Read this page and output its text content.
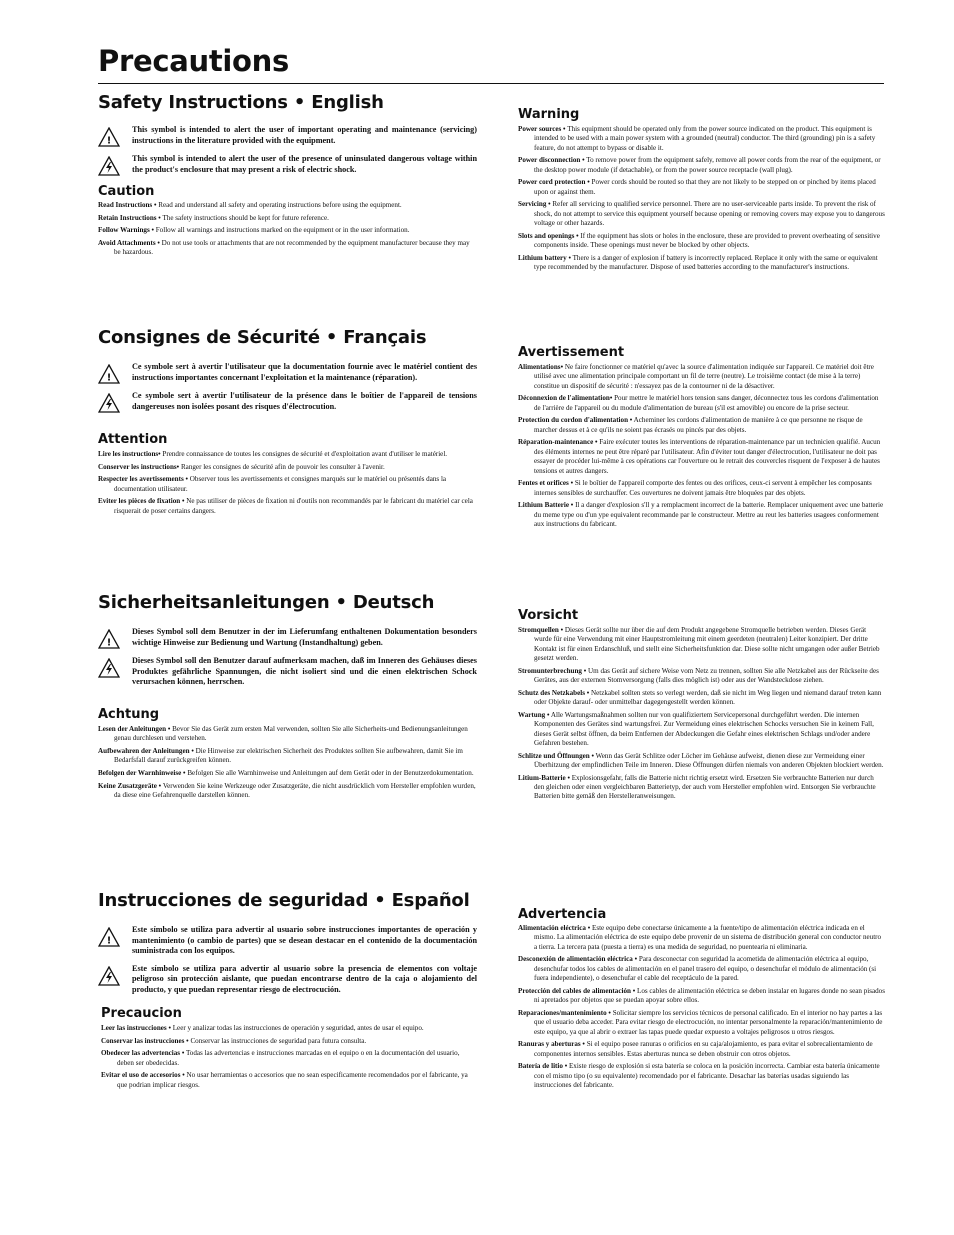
Precautions
Safety Instructions • English
!

This symbol is intended to alert the user of important operating and maintenance (servicing) instructions in the literature provided with the equipment.

This symbol is intended to alert the user of the presence of uninsulated dangerous voltage within the product's enclosure that may present a risk of electric shock.

Caution

Read Instructions • Read and understand all safety and operating instructions before using the equipment.

Retain Instructions • The safety instructions should be kept for future reference.

Follow Warnings • Follow all warnings and instructions marked on the equipment or in the user information.

Avoid Attachments • Do not use tools or attachments that are not recommended by the equipment manufacturer because they may be hazardous.

Warning

Power sources • This equipment should be operated only from the power source indicated on the product. This equipment is intended to be used with a main power system with a grounded (neutral) conductor. The third (grounding) pin is a safety feature, do not attempt to bypass or disable it.

Power disconnection • To remove power from the equipment safely, remove all power cords from the rear of the equipment, or the desktop power module (if detachable), or from the power source receptacle (wall plug).

Power cord protection • Power cords should be routed so that they are not likely to be stepped on or pinched by items placed upon or against them.

Servicing • Refer all servicing to qualified service personnel. There are no user-serviceable parts inside. To prevent the risk of shock, do not attempt to service this equipment yourself because opening or removing covers may expose you to dangerous voltage or other hazards.

Slots and openings • If the equipment has slots or holes in the enclosure, these are provided to prevent overheating of sensitive components inside. These openings must never be blocked by other objects.

Lithium battery • There is a danger of explosion if battery is incorrectly replaced. Replace it only with the same or equivalent type recommended by the manufacturer. Dispose of used batteries according to the manufacturer's instructions.

Consignes de Sécurité • Français
!

Ce symbole sert à avertir l'utilisateur que la documentation fournie avec le matériel contient des instructions importantes concernant l'exploitation et la maintenance (réparation).

Ce symbole sert à avertir l'utilisateur de la présence dans le boîtier de l'appareil de tensions dangereuses non isolées posant des risques d'électrocution.

Attention

Lire les instructions• Prendre connaissance de toutes les consignes de sécurité et d'exploitation avant d'utiliser le matériel.

Conserver les instructions• Ranger les consignes de sécurité afin de pouvoir les consulter à l'avenir.

Respecter les avertissements • Observer tous les avertissements et consignes marqués sur le matériel ou présentés dans la documentation utilisateur.

Eviter les pièces de fixation • Ne pas utiliser de pièces de fixation ni d'outils non recommandés par le fabricant du matériel car cela risquerait de poser certains dangers.

Avertissement

Alimentations• Ne faire fonctionner ce matériel qu'avec la source d'alimentation indiquée sur l'appareil. Ce matériel doit être utilisé avec une alimentation principale comportant un fil de terre (neutre). Le troisième contact (de mise à la terre) constitue un dispositif de sécurité : n'essayez pas de la contourner ni de la désactiver.

Déconnexion de l'alimentation• Pour mettre le matériel hors tension sans danger, déconnectez tous les cordons d'alimentation de l'arrière de l'appareil ou du module d'alimentation de bureau (s'il est amovible) ou encore de la prise secteur.

Protection du cordon d'alimentation • Acheminer les cordons d'alimentation de manière à ce que personne ne risque de marcher dessus et à ce qu'ils ne soient pas écrasés ou pincés par des objets.

Réparation-maintenance • Faire exécuter toutes les interventions de réparation-maintenance par un technicien qualifié. Aucun des éléments internes ne peut être réparé par l'utilisateur. Afin d'éviter tout danger d'électrocution, l'utilisateur ne doit pas essayer de procéder lui-même à ces opérations car l'ouverture ou le retrait des couvercles risquent de l'exposer à de hautes tensions et autres dangers.

Fentes et orifices • Si le boîtier de l'appareil comporte des fentes ou des orifices, ceux-ci servent à empêcher les composants internes sensibles de surchauffer. Ces ouvertures ne doivent jamais être bloquées par des objets.

Lithium Batterie • Il a danger d'explosion s'll y a remplacment incorrect de la batterie. Remplacer uniquement avec une batterie du meme type ou d'un ype equivalent recommande par le constructeur. Mettre au reut les batteries usagees conformement aux instructions du fabricant.

Sicherheitsanleitungen • Deutsch
!

Dieses Symbol soll dem Benutzer in der im Lieferumfang enthaltenen Dokumentation besonders wichtige Hinweise zur Bedienung und Wartung (Instandhaltung) geben.

Dieses Symbol soll den Benutzer darauf aufmerksam machen, daß im Inneren des Gehäuses dieses Produktes gefährliche Spannungen, die nicht isoliert sind und die einen elektrischen Schock verursachen können, herrschen.

Achtung

Lesen der Anleitungen • Bevor Sie das Gerät zum ersten Mal verwenden, sollten Sie alle Sicherheits-und Bedienungsanleitungen genau durchlesen und verstehen.

Aufbewahren der Anleitungen • Die Hinweise zur elektrischen Sicherheit des Produktes sollten Sie aufbewahren, damit Sie im Bedarfsfall darauf zurückgreifen können.

Befolgen der Warnhinweise • Befolgen Sie alle Warnhinweise und Anleitungen auf dem Gerät oder in der Benutzerdokumentation.

Keine Zusatzgeräte • Verwenden Sie keine Werkzeuge oder Zusatzgeräte, die nicht ausdrücklich vom Hersteller empfohlen wurden, da diese eine Gefahrenquelle darstellen können.

Vorsicht

Stromquellen • Dieses Gerät sollte nur über die auf dem Produkt angegebene Stromquelle betrieben werden. Dieses Gerät wurde für eine Verwendung mit einer Hauptstromleitung mit einem geerdeten (neutralen) Leiter konzipiert. Der dritte Kontakt ist für einen Erdanschluß, und stellt eine Sicherheitsfunktion dar. Diese sollte nicht umgangen oder außer Betrieb gesetzt werden.

Stromunterbrechung • Um das Gerät auf sichere Weise vom Netz zu trennen, sollten Sie alle Netzkabel aus der Rückseite des Gerätes, aus der externen Stomversorgung (falls dies möglich ist) oder aus der Wandsteckdose ziehen.

Schutz des Netzkabels • Netzkabel sollten stets so verlegt werden, daß sie nicht im Weg liegen und niemand darauf treten kann oder Objekte darauf- oder unmittelbar dagegengestellt werden können.

Wartung • Alle Wartungsmaßnahmen sollten nur von qualifiziertem Servicepersonal durchgeführt werden. Die internen Komponenten des Gerätes sind wartungsfrei. Zur Vermeidung eines elektrischen Schocks versuchen Sie in keinem Fall, dieses Gerät selbst öffnen, da beim Entfernen der Abdeckungen die Gefahr eines elektrischen Schlags und/oder andere Gefahren bestehen.

Schlitze und Öffnungen • Wenn das Gerät Schlitze oder Löcher im Gehäuse aufweist, dienen diese zur Vermeidung einer Überhitzung der empfindlichen Teile im Inneren. Diese Öffnungen dürfen niemals von anderen Objekten blockiert werden.

Litium-Batterie • Explosionsgefahr, falls die Batterie nicht richtig ersetzt wird. Ersetzen Sie verbrauchte Batterien nur durch den gleichen oder einen vergleichbaren Batterietyp, der auch vom Hersteller empfohlen wird. Entsorgen Sie verbrauchte Batterien bitte gemäß den Herstelleranweisungen.

Instrucciones de seguridad • Español
!

Este símbolo se utiliza para advertir al usuario sobre instrucciones importantes de operación y mantenimiento (o cambio de partes) que se desean destacar en el contenido de la documentación suministrada con los equipos.

Este símbolo se utiliza para advertir al usuario sobre la presencia de elementos con voltaje peligroso sin protección aislante, que puedan encontrarse dentro de la caja o alojamiento del producto, y que puedan representar riesgo de electrocución.

Precaucion

Leer las instrucciones • Leer y analizar todas las instrucciones de operación y seguridad, antes de usar el equipo.

Conservar las instrucciones • Conservar las instrucciones de seguridad para futura consulta.

Obedecer las advertencias • Todas las advertencias e instrucciones marcadas en el equipo o en la documentación del usuario, deben ser obedecidas.

Evitar el uso de accesorios • No usar herramientas o accesorios que no sean especificamente recomendados por el fabricante, ya que podrian implicar riesgos.

Advertencia

Alimentación eléctrica • Este equipo debe conectarse únicamente a la fuente/tipo de alimentación eléctrica indicada en el mismo. La alimentación eléctrica de este equipo debe provenir de un sistema de distribución general con conductor neutro a tierra. La tercera pata (puesta a tierra) es una medida de seguridad, no puentearia ni eliminaria.

Desconexión de alimentación eléctrica • Para desconectar con seguridad la acometida de alimentación eléctrica al equipo, desenchufar todos los cables de alimentación en el panel trasero del equipo, o desenchufar el módulo de alimentación (si fuera independiente), o desenchufar el cable del receptáculo de la pared.

Protección del cables de alimentación • Los cables de alimentación eléctrica se deben instalar en lugares donde no sean pisados ni apretados por objetos que se puedan apoyar sobre ellos.

Reparaciones/mantenimiento • Solicitar siempre los servicios técnicos de personal calificado. En el interior no hay partes a las que el usuario deba acceder. Para evitar riesgo de electrocución, no intentar personalmente la reparación/mantenimiento de este equipo, ya que al abrir o extraer las tapas puede quedar expuesto a voltajes peligrosos u otros riesgos.

Ranuras y aberturas • Si el equipo posee ranuras o orificios en su caja/alojamiento, es para evitar el sobrecalientamiento de componentes internos sensibles. Estas aberturas nunca se deben obstruir con otros objetos.

Batería de litio • Existe riesgo de explosión si esta batería se coloca en la posición incorrecta. Cambiar esta batería únicamente con el mismo tipo (o su equivalente) recomendado por el fabricante. Desachar las baterías usadas siguiendo las instrucciones del fabricante.
